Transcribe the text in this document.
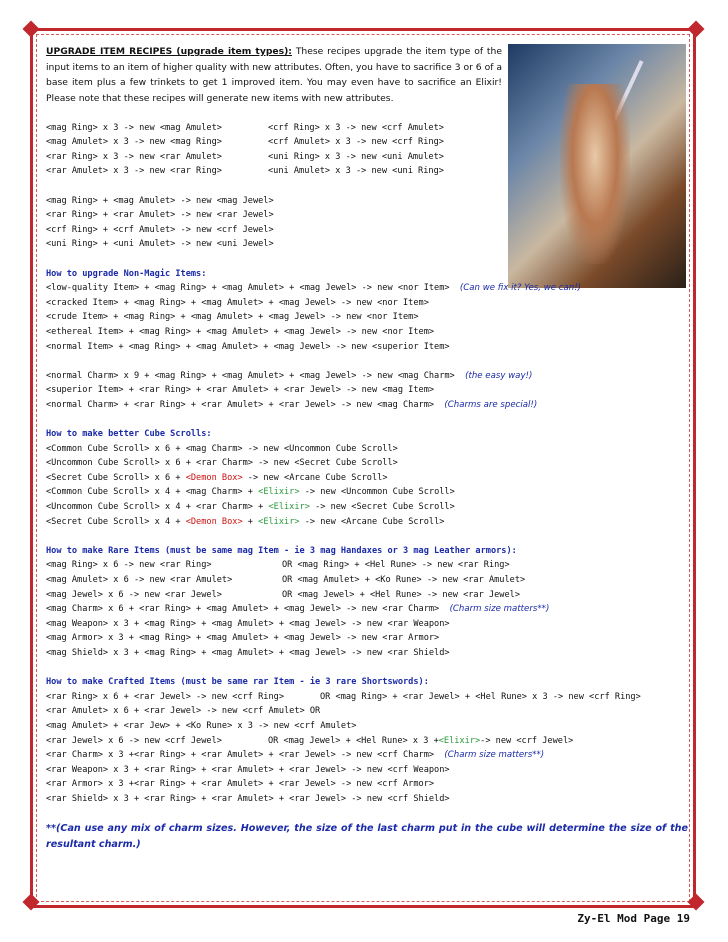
UPGRADE ITEM RECIPES (upgrade item types): These recipes upgrade the item type of the input items to an item of higher quality with new attributes. Often, you have to sacrifice 3 or 6 of a base item plus a few trinkets to get 1 improved item. You may even have to sacrifice an Elixir! Please note that these recipes will generate new items with new attributes.
<mag Ring> x 3 -> new <mag Amulet>	<crf Ring> x 3 -> new <crf Amulet>
<mag Amulet> x 3 -> new <mag Ring>	<crf Amulet> x 3 -> new <crf Ring>
<rar Ring> x 3 -> new <rar Amulet>	<uni Ring> x 3 -> new <uni Amulet>
<rar Amulet> x 3 -> new <rar Ring>	<uni Amulet> x 3 -> new <uni Ring>
<mag Ring> + <mag Amulet> -> new <mag Jewel>
<rar Ring> + <rar Amulet> -> new <rar Jewel>
<crf Ring> + <crf Amulet> -> new <crf Jewel>
<uni Ring> + <uni Amulet> -> new <uni Jewel>
How to upgrade Non-Magic Items:
<low-quality Item> + <mag Ring> + <mag Amulet> + <mag Jewel> -> new <nor Item> (Can we fix it? Yes, we can!)
<cracked Item> + <mag Ring> + <mag Amulet> + <mag Jewel> -> new <nor Item>
<crude Item> + <mag Ring> + <mag Amulet> + <mag Jewel> -> new <nor Item>
<ethereal Item> + <mag Ring> + <mag Amulet> + <mag Jewel> -> new <nor Item>
<normal Item> + <mag Ring> + <mag Amulet> + <mag Jewel> -> new <superior Item>
<normal Charm> x 9 + <mag Ring> + <mag Amulet> + <mag Jewel> -> new <mag Charm> (the easy way!)
<superior Item> + <rar Ring> + <rar Amulet> + <rar Jewel> -> new <mag Item>
<normal Charm> + <rar Ring> + <rar Amulet> + <rar Jewel> -> new <mag Charm> (Charms are special!)
How to make better Cube Scrolls:
<Common Cube Scroll> x 6 + <mag Charm> -> new <Uncommon Cube Scroll>
<Uncommon Cube Scroll> x 6 + <rar Charm> -> new <Secret Cube Scroll>
<Secret Cube Scroll> x 6 + <Demon Box> -> new <Arcane Cube Scroll>
<Common Cube Scroll> x 4 + <mag Charm> + <Elixir> -> new <Uncommon Cube Scroll>
<Uncommon Cube Scroll> x 4 + <rar Charm> + <Elixir> -> new <Secret Cube Scroll>
<Secret Cube Scroll> x 4 + <Demon Box> + <Elixir> -> new <Arcane Cube Scroll>
How to make Rare Items (must be same mag Item - ie 3 mag Handaxes or 3 mag Leather armors):
<mag Ring> x 6 -> new <rar Ring>	OR <mag Ring> + <Hel Rune> -> new <rar Ring>
<mag Amulet> x 6 -> new <rar Amulet>	OR <mag Amulet> + <Ko Rune> -> new <rar Amulet>
<mag Jewel> x 6 -> new <rar Jewel>	OR <mag Jewel> + <Hel Rune> -> new <rar Jewel>
<mag Charm> x 6 + <rar Ring> + <mag Amulet> + <mag Jewel> -> new <rar Charm> (Charm size matters**)
<mag Weapon> x 3 + <mag Ring> + <mag Amulet> + <mag Jewel> -> new <rar Weapon>
<mag Armor> x 3 + <mag Ring> + <mag Amulet> + <mag Jewel> -> new <rar Armor>
<mag Shield> x 3 + <mag Ring> + <mag Amulet> + <mag Jewel> -> new <rar Shield>
How to make Crafted Items (must be same rar Item - ie 3 rare Shortswords):
<rar Ring> x 6 + <rar Jewel> -> new <crf Ring>	OR <mag Ring> + <rar Jewel> + <Hel Rune> x 3 -> new <crf Ring>
<rar Amulet> x 6 + <rar Jewel> -> new <crf Amulet> OR
<mag Amulet> + <rar Jew> + <Ko Rune> x 3 -> new <crf Amulet>
<rar Jewel> x 6 -> new <crf Jewel>	OR <mag Jewel> + <Hel Rune> x 3 + <Elixir> -> new <crf Jewel>
<rar Charm> x 3 +<rar Ring> + <rar Amulet> + <rar Jewel> -> new <crf Charm> (Charm size matters**)
<rar Weapon> x 3 + <rar Ring> + <rar Amulet> + <rar Jewel> -> new <crf Weapon>
<rar Armor> x 3 +<rar Ring> + <rar Amulet> + <rar Jewel> -> new <crf Armor>
<rar Shield> x 3 + <rar Ring> + <rar Amulet> + <rar Jewel> -> new <crf Shield>
**(Can use any mix of charm sizes. However, the size of the last charm put in the cube will determine the size of the resultant charm.)
Zy-El Mod Page 19
